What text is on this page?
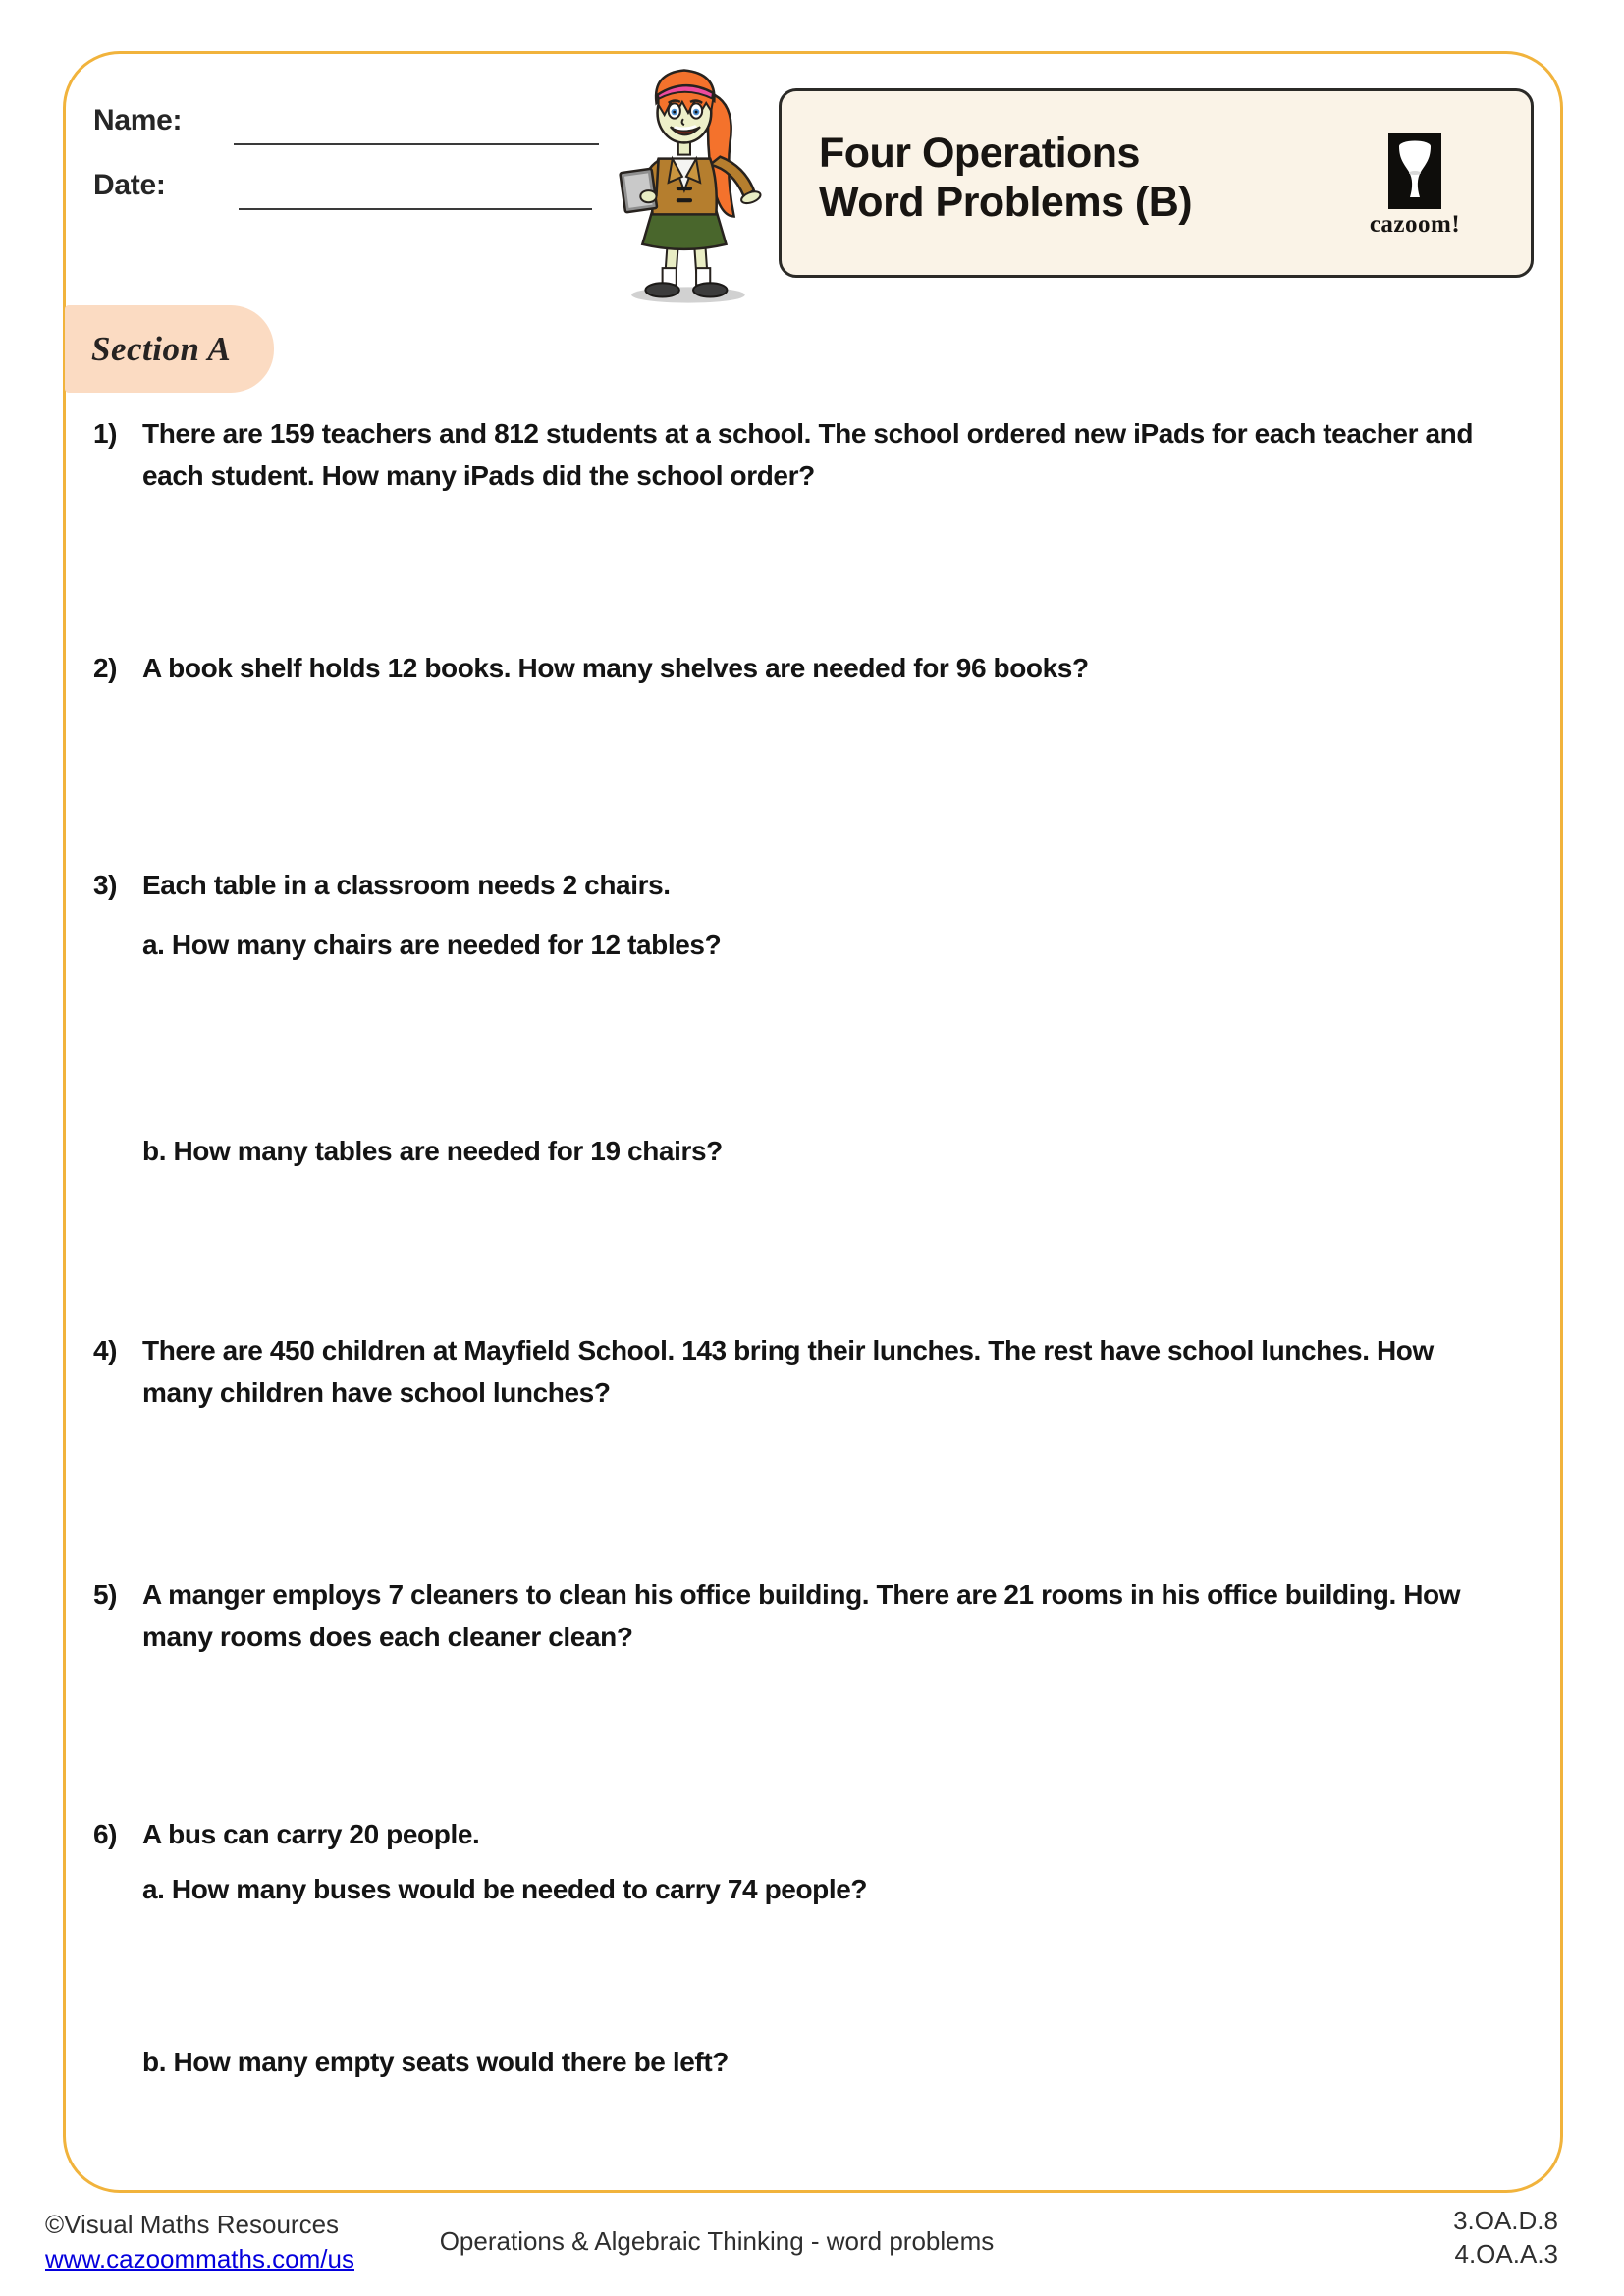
Name:
Date:
Four Operations
Word Problems (B)	cazoom!
Section A
1) There are 159 teachers and 812 students at a school. The school ordered new iPads for each teacher and each student. How many iPads did the school order?
2) A book shelf holds 12 books. How many shelves are needed for 96 books?
3) Each table in a classroom needs 2 chairs.
a. How many chairs are needed for 12 tables?
b. How many tables are needed for 19 chairs?
4) There are 450 children at Mayfield School. 143 bring their lunches. The rest have school lunches. How many children have school lunches?
5) A manger employs 7 cleaners to clean his office building. There are 21 rooms in his office building. How many rooms does each cleaner clean?
6) A bus can carry 20 people.
a. How many buses would be needed to carry 74 people?
b. How many empty seats would there be left?
©Visual Maths Resources
www.cazoommaths.com/us
Operations & Algebraic Thinking - word problems
3.OA.D.8
4.OA.A.3
